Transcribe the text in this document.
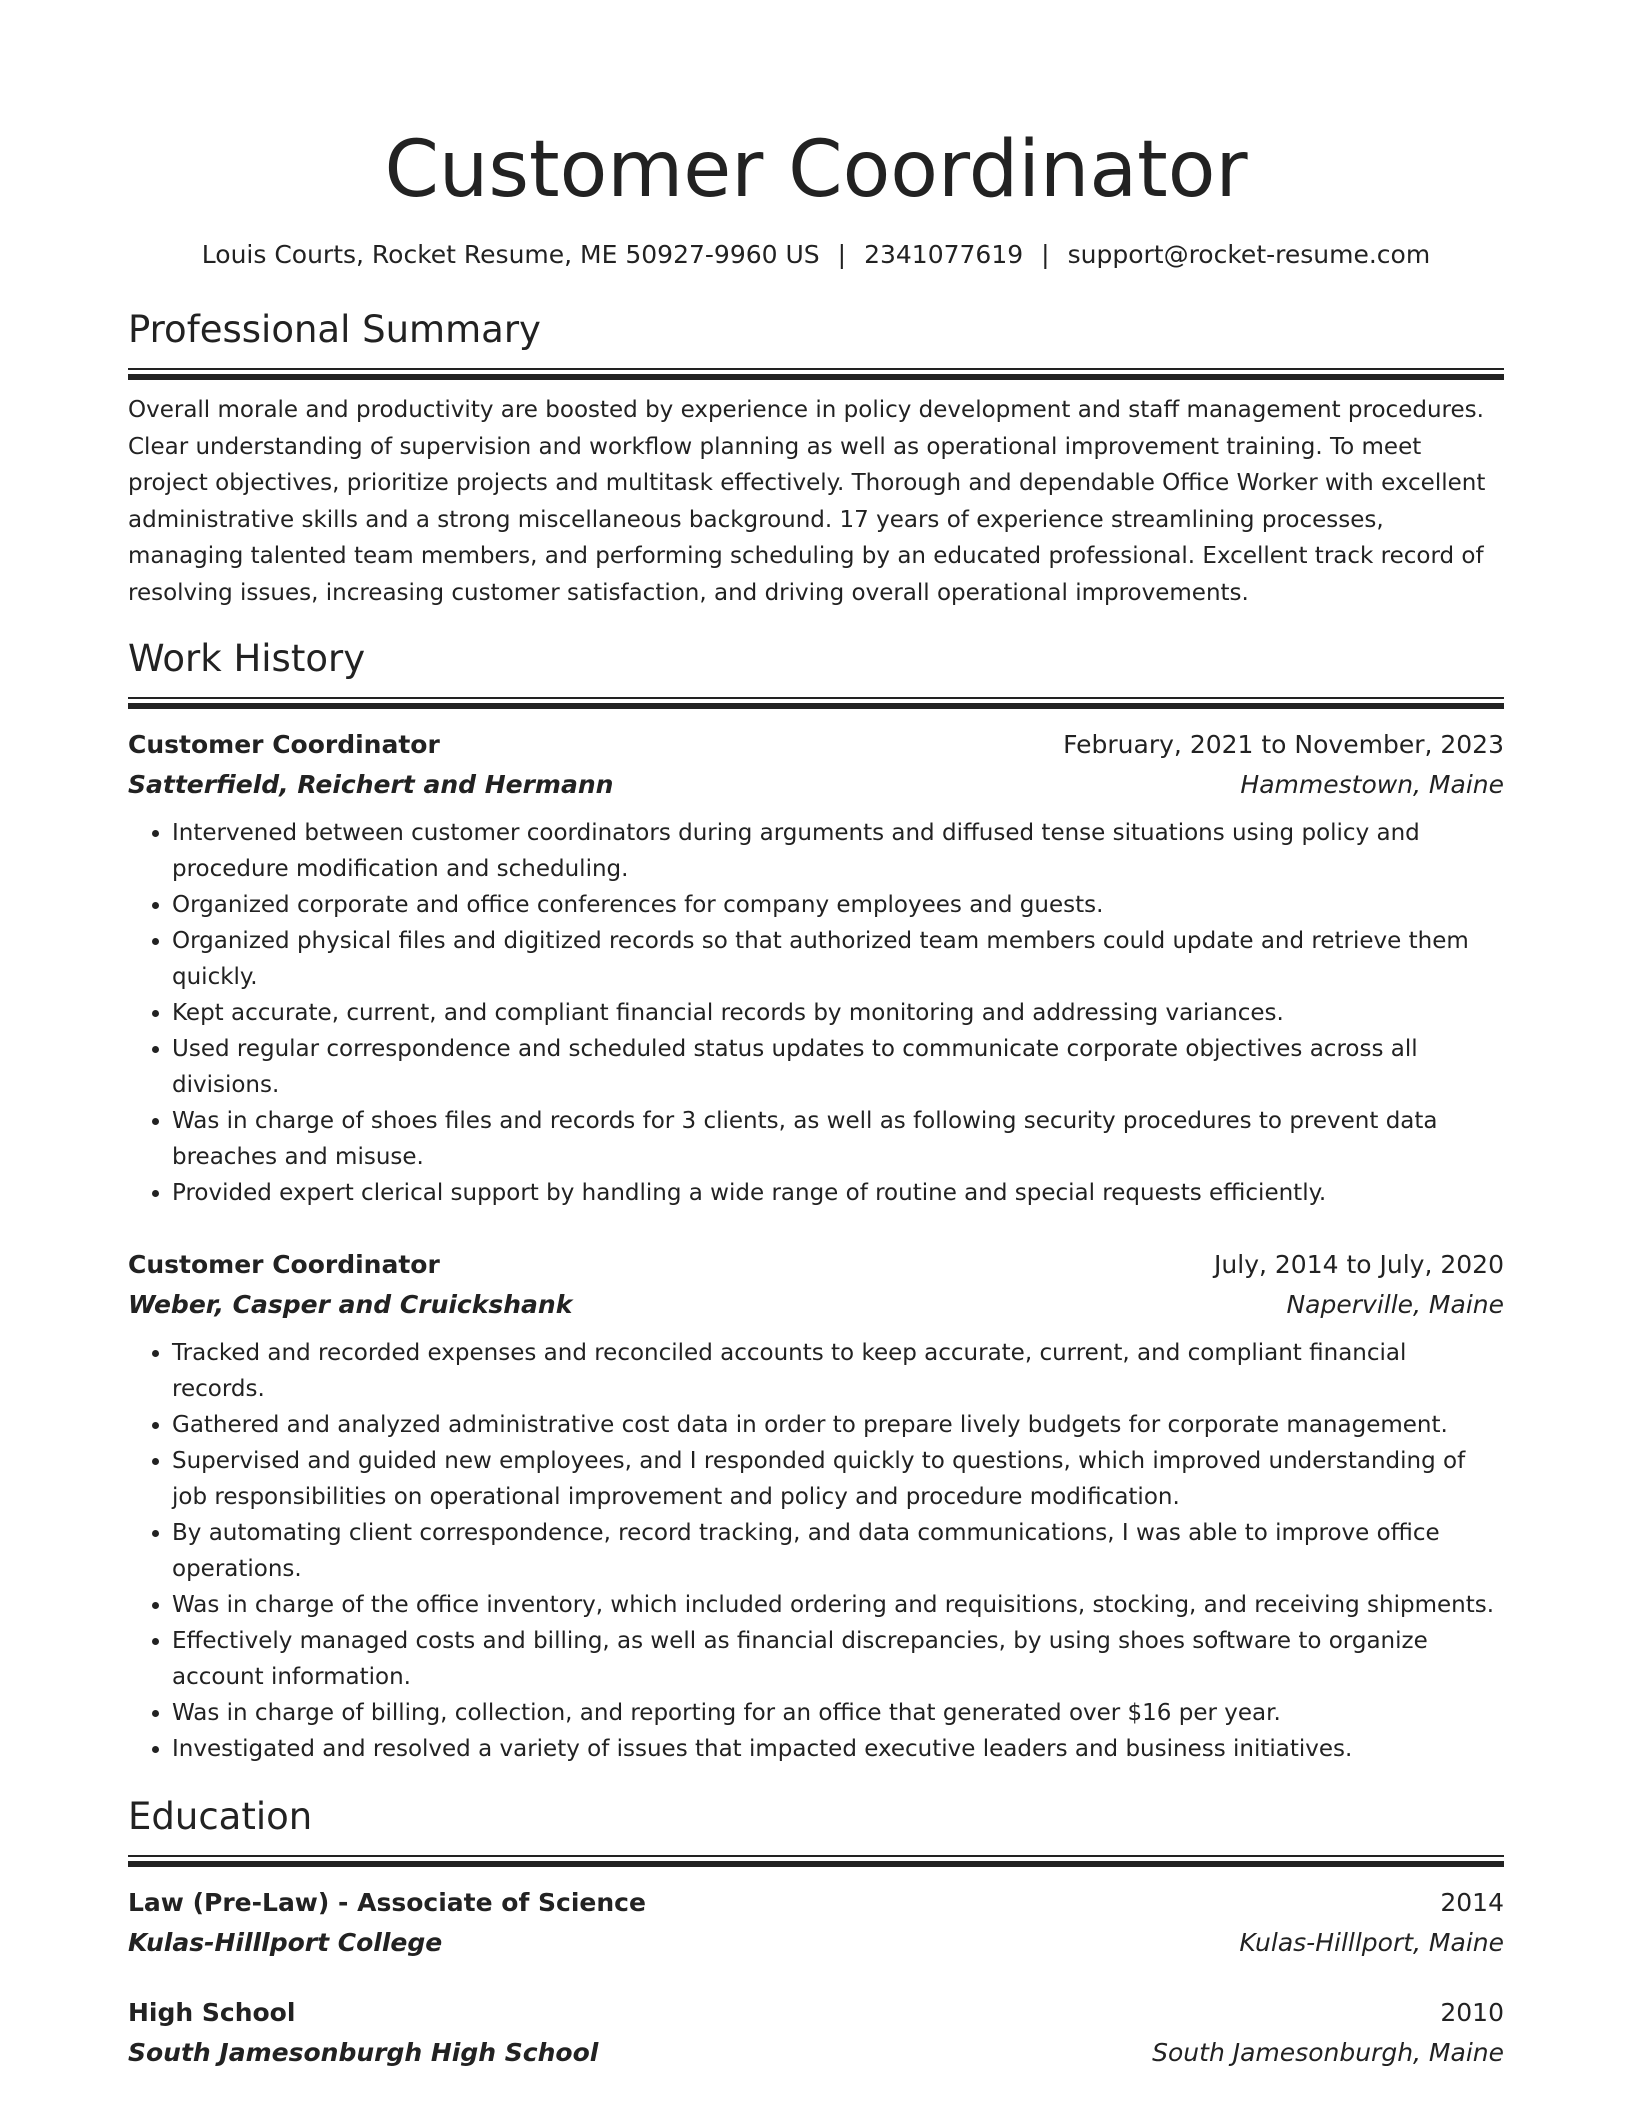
Customer Coordinator
Louis Courts, Rocket Resume, ME 50927-9960 US | 2341077619 | support@rocket-resume.com
Professional Summary
Overall morale and productivity are boosted by experience in policy development and staff management procedures. Clear understanding of supervision and workflow planning as well as operational improvement training. To meet project objectives, prioritize projects and multitask effectively. Thorough and dependable Office Worker with excellent administrative skills and a strong miscellaneous background. 17 years of experience streamlining processes, managing talented team members, and performing scheduling by an educated professional. Excellent track record of resolving issues, increasing customer satisfaction, and driving overall operational improvements.
Work History
Customer Coordinator	February, 2021 to November, 2023
Satterfield, Reichert and Hermann	Hammestown, Maine
• Intervened between customer coordinators during arguments and diffused tense situations using policy and procedure modification and scheduling.
• Organized corporate and office conferences for company employees and guests.
• Organized physical files and digitized records so that authorized team members could update and retrieve them quickly.
• Kept accurate, current, and compliant financial records by monitoring and addressing variances.
• Used regular correspondence and scheduled status updates to communicate corporate objectives across all divisions.
• Was in charge of shoes files and records for 3 clients, as well as following security procedures to prevent data breaches and misuse.
• Provided expert clerical support by handling a wide range of routine and special requests efficiently.
Customer Coordinator	July, 2014 to July, 2020
Weber, Casper and Cruickshank	Naperville, Maine
• Tracked and recorded expenses and reconciled accounts to keep accurate, current, and compliant financial records.
• Gathered and analyzed administrative cost data in order to prepare lively budgets for corporate management.
• Supervised and guided new employees, and I responded quickly to questions, which improved understanding of job responsibilities on operational improvement and policy and procedure modification.
• By automating client correspondence, record tracking, and data communications, I was able to improve office operations.
• Was in charge of the office inventory, which included ordering and requisitions, stocking, and receiving shipments.
• Effectively managed costs and billing, as well as financial discrepancies, by using shoes software to organize account information.
• Was in charge of billing, collection, and reporting for an office that generated over $16 per year.
• Investigated and resolved a variety of issues that impacted executive leaders and business initiatives.
Education
Law (Pre-Law) - Associate of Science	2014
Kulas-Hilllport College	Kulas-Hilllport, Maine
High School	2010
South Jamesonburgh High School	South Jamesonburgh, Maine
